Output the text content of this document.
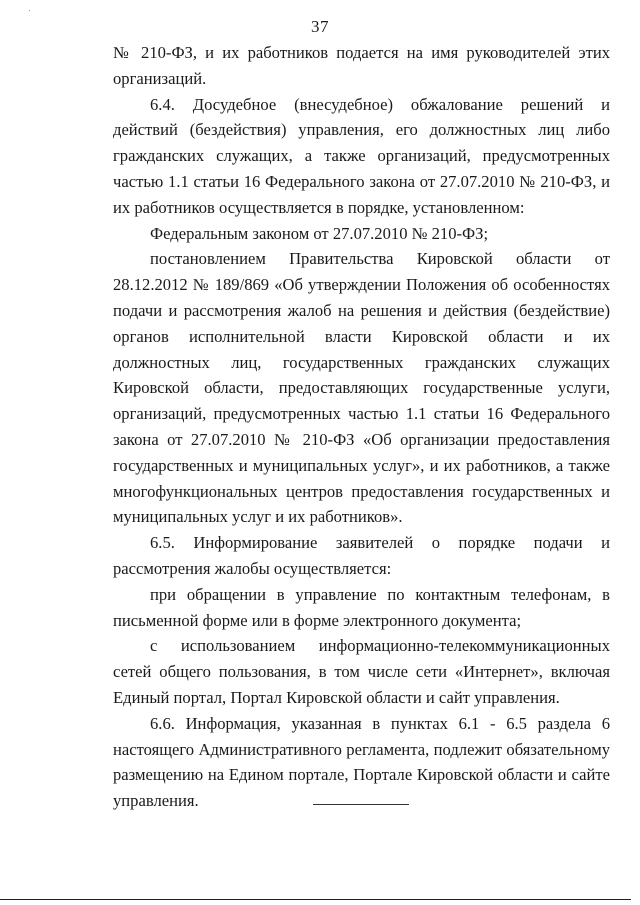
37

№ 210-ФЗ, и их работников подается на имя руководителей этих организаций.

6.4. Досудебное (внесудебное) обжалование решений и действий (бездействия) управления, его должностных лиц либо гражданских служащих, а также организаций, предусмотренных частью 1.1 статьи 16 Федерального закона от 27.07.2010 № 210-ФЗ, и их работников осуществляется в порядке, установленном:

Федеральным законом от 27.07.2010 № 210-ФЗ;

постановлением Правительства Кировской области от 28.12.2012 № 189/869 «Об утверждении Положения об особенностях подачи и рассмотрения жалоб на решения и действия (бездействие) органов исполнительной власти Кировской области и их должностных лиц, государственных гражданских служащих Кировской области, предоставляющих государственные услуги, организаций, предусмотренных частью 1.1 статьи 16 Федерального закона от 27.07.2010 № 210-ФЗ «Об организации предоставления государственных и муниципальных услуг», и их работников, а также многофункциональных центров предоставления государственных и муниципальных услуг и их работников».

6.5. Информирование заявителей о порядке подачи и рассмотрения жалобы осуществляется:

при обращении в управление по контактным телефонам, в письменной форме или в форме электронного документа;

с использованием информационно-телекоммуникационных сетей общего пользования, в том числе сети «Интернет», включая Единый портал, Портал Кировской области и сайт управления.

6.6. Информация, указанная в пунктах 6.1 - 6.5 раздела 6 настоящего Административного регламента, подлежит обязательному размещению на Едином портале, Портале Кировской области и сайте управления.
